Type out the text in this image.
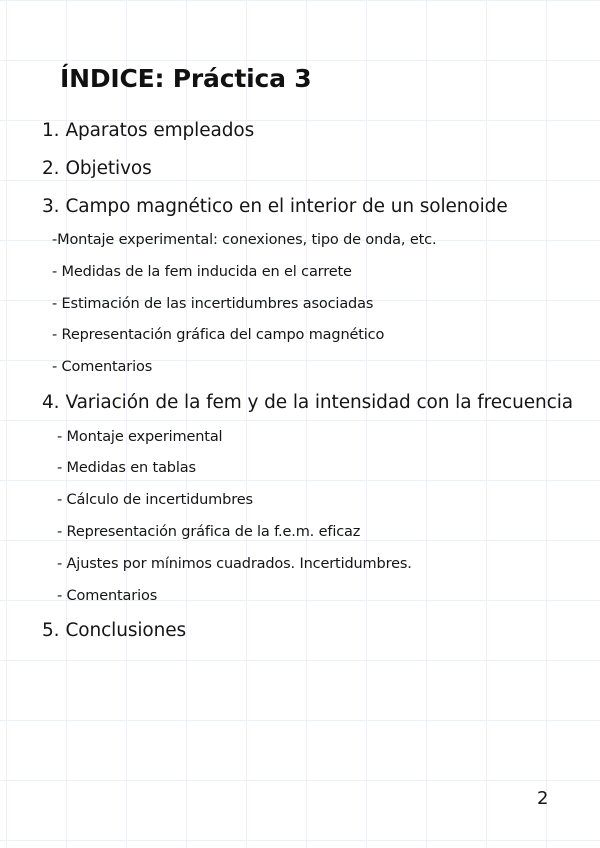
ÍNDICE: Práctica 3
1. Aparatos empleados
2. Objetivos
3. Campo magnético en el interior de un solenoide
-Montaje experimental: conexiones, tipo de onda, etc.
- Medidas de la fem inducida en el carrete
- Estimación de las incertidumbres asociadas
- Representación gráfica del campo magnético
- Comentarios
4. Variación de la fem y de la intensidad con la frecuencia
- Montaje experimental
- Medidas en tablas
- Cálculo de incertidumbres
- Representación gráfica de la f.e.m. eficaz
- Ajustes por mínimos cuadrados. Incertidumbres.
- Comentarios
5. Conclusiones
2
